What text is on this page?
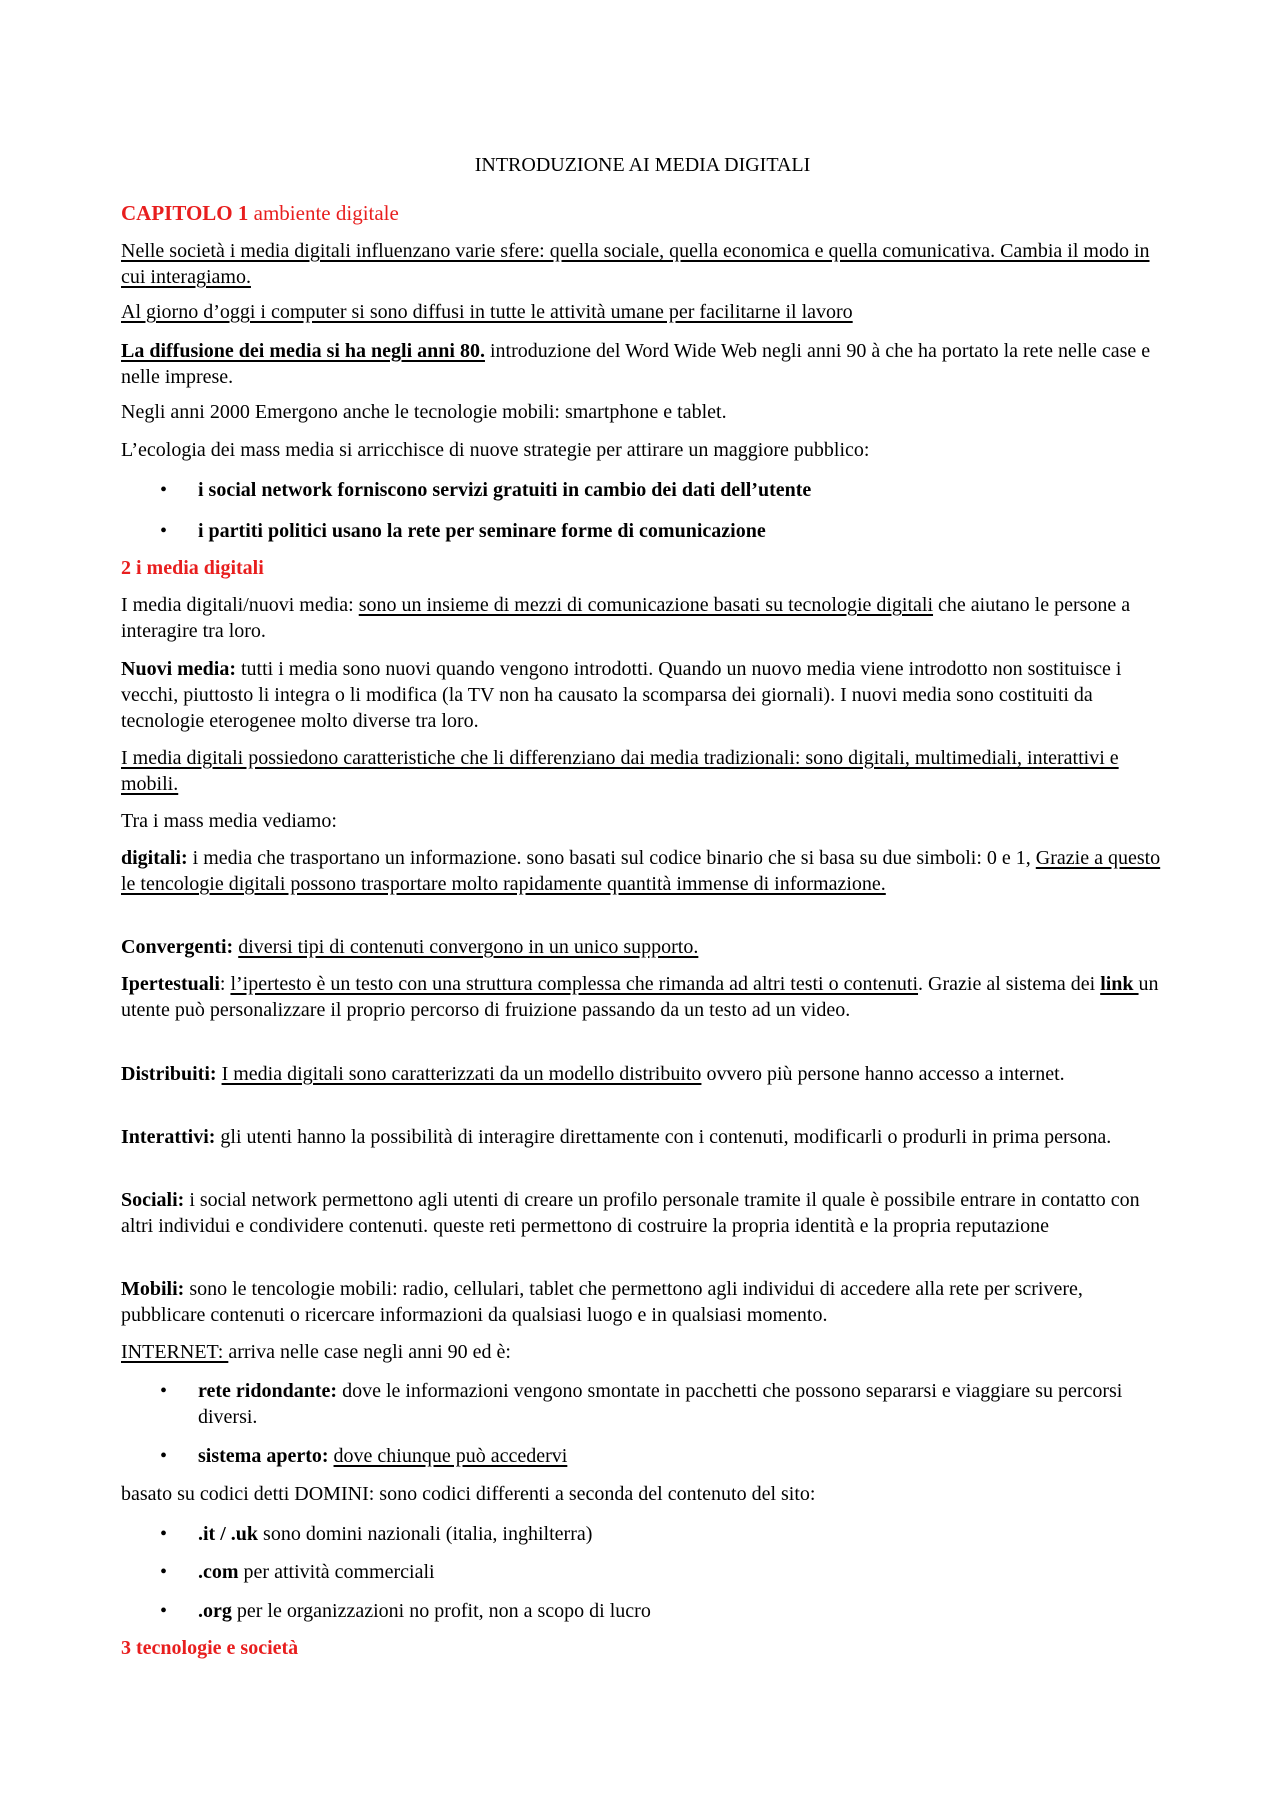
INTRODUZIONE AI MEDIA DIGITALI

CAPITOLO 1 ambiente digitale

Nelle società i media digitali influenzano varie sfere: quella sociale, quella economica e quella comunicativa. Cambia il modo in cui interagiamo.

Al giorno d’oggi i computer si sono diffusi in tutte le attività umane per facilitarne il lavoro

La diffusione dei media si ha negli anni 80. introduzione del Word Wide Web negli anni 90 à che ha portato la rete nelle case e nelle imprese.

Negli anni 2000 Emergono anche le tecnologie mobili: smartphone e tablet.

L’ecologia dei mass media si arricchisce di nuove strategie per attirare un maggiore pubblico:

•	i social network forniscono servizi gratuiti in cambio dei dati dell’utente
•	i partiti politici usano la rete per seminare forme di comunicazione

2 i media digitali

I media digitali/nuovi media: sono un insieme di mezzi di comunicazione basati su tecnologie digitali che aiutano le persone a interagire tra loro.

Nuovi media: tutti i media sono nuovi quando vengono introdotti. Quando un nuovo media viene introdotto non sostituisce i vecchi, piuttosto li integra o li modifica (la TV non ha causato la scomparsa dei giornali). I nuovi media sono costituiti da tecnologie eterogenee molto diverse tra loro.

I media digitali possiedono caratteristiche che li differenziano dai media tradizionali: sono digitali, multimediali, interattivi e mobili.

Tra i mass media vediamo:

digitali: i media che trasportano un informazione. sono basati sul codice binario che si basa su due simboli: 0 e 1, Grazie a questo le tencologie digitali possono trasportare molto rapidamente quantità immense di informazione.

Convergenti: diversi tipi di contenuti convergono in un unico supporto.

Ipertestuali: l’ipertesto è un testo con una struttura complessa che rimanda ad altri testi o contenuti. Grazie al sistema dei link un utente può personalizzare il proprio percorso di fruizione passando da un testo ad un video.

Distribuiti: I media digitali sono caratterizzati da un modello distribuito ovvero più persone hanno accesso a internet.

Interattivi: gli utenti hanno la possibilità di interagire direttamente con i contenuti, modificarli o produrli in prima persona.

Sociali: i social network permettono agli utenti di creare un profilo personale tramite il quale è possibile entrare in contatto con altri individui e condividere contenuti. queste reti permettono di costruire la propria identità e la propria reputazione

Mobili: sono le tencologie mobili: radio, cellulari, tablet che permettono agli individui di accedere alla rete per scrivere, pubblicare contenuti o ricercare informazioni da qualsiasi luogo e in qualsiasi momento.

INTERNET: arriva nelle case negli anni 90 ed è:

•	rete ridondante: dove le informazioni vengono smontate in pacchetti che possono separarsi e viaggiare su percorsi diversi.
•	sistema aperto: dove chiunque può accedervi

basato su codici detti DOMINI: sono codici differenti a seconda del contenuto del sito:

•	.it / .uk sono domini nazionali (italia, inghilterra)
•	.com per attività commerciali
•	.org per le organizzazioni no profit, non a scopo di lucro

3 tecnologie e società
